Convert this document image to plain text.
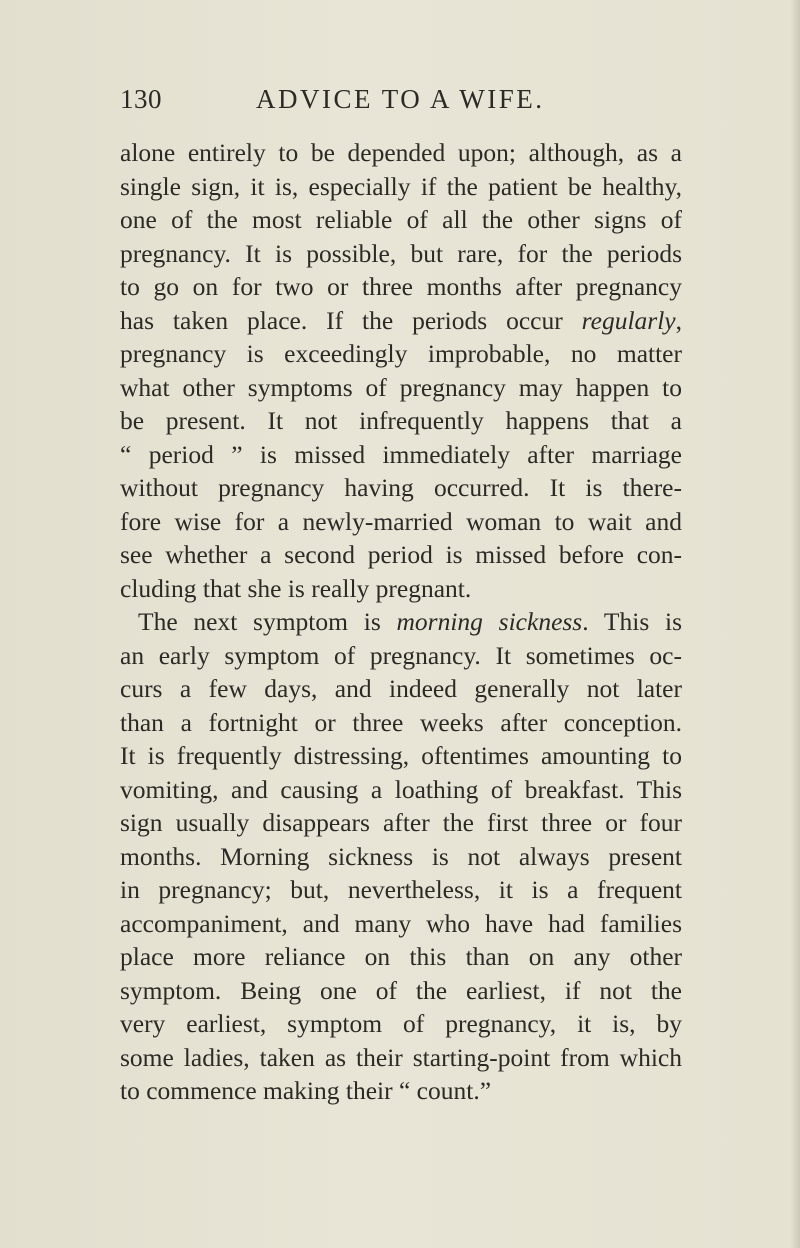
130	ADVICE TO A WIFE.
alone entirely to be depended upon; although, as a
single sign, it is, especially if the patient be healthy,
one of the most reliable of all the other signs of
pregnancy. It is possible, but rare, for the periods
to go on for two or three months after pregnancy
has taken place. If the periods occur regularly,
pregnancy is exceedingly improbable, no matter
what other symptoms of pregnancy may happen to
be present. It not infrequently happens that a
“ period ” is missed immediately after marriage
without pregnancy having occurred. It is there-
fore wise for a newly-married woman to wait and
see whether a second period is missed before con-
cluding that she is really pregnant.
The next symptom is morning sickness. This is
an early symptom of pregnancy. It sometimes oc-
curs a few days, and indeed generally not later
than a fortnight or three weeks after conception.
It is frequently distressing, oftentimes amounting to
vomiting, and causing a loathing of breakfast. This
sign usually disappears after the first three or four
months. Morning sickness is not always present
in pregnancy; but, nevertheless, it is a frequent
accompaniment, and many who have had families
place more reliance on this than on any other
symptom. Being one of the earliest, if not the
very earliest, symptom of pregnancy, it is, by
some ladies, taken as their starting-point from which
to commence making their “ count.”
